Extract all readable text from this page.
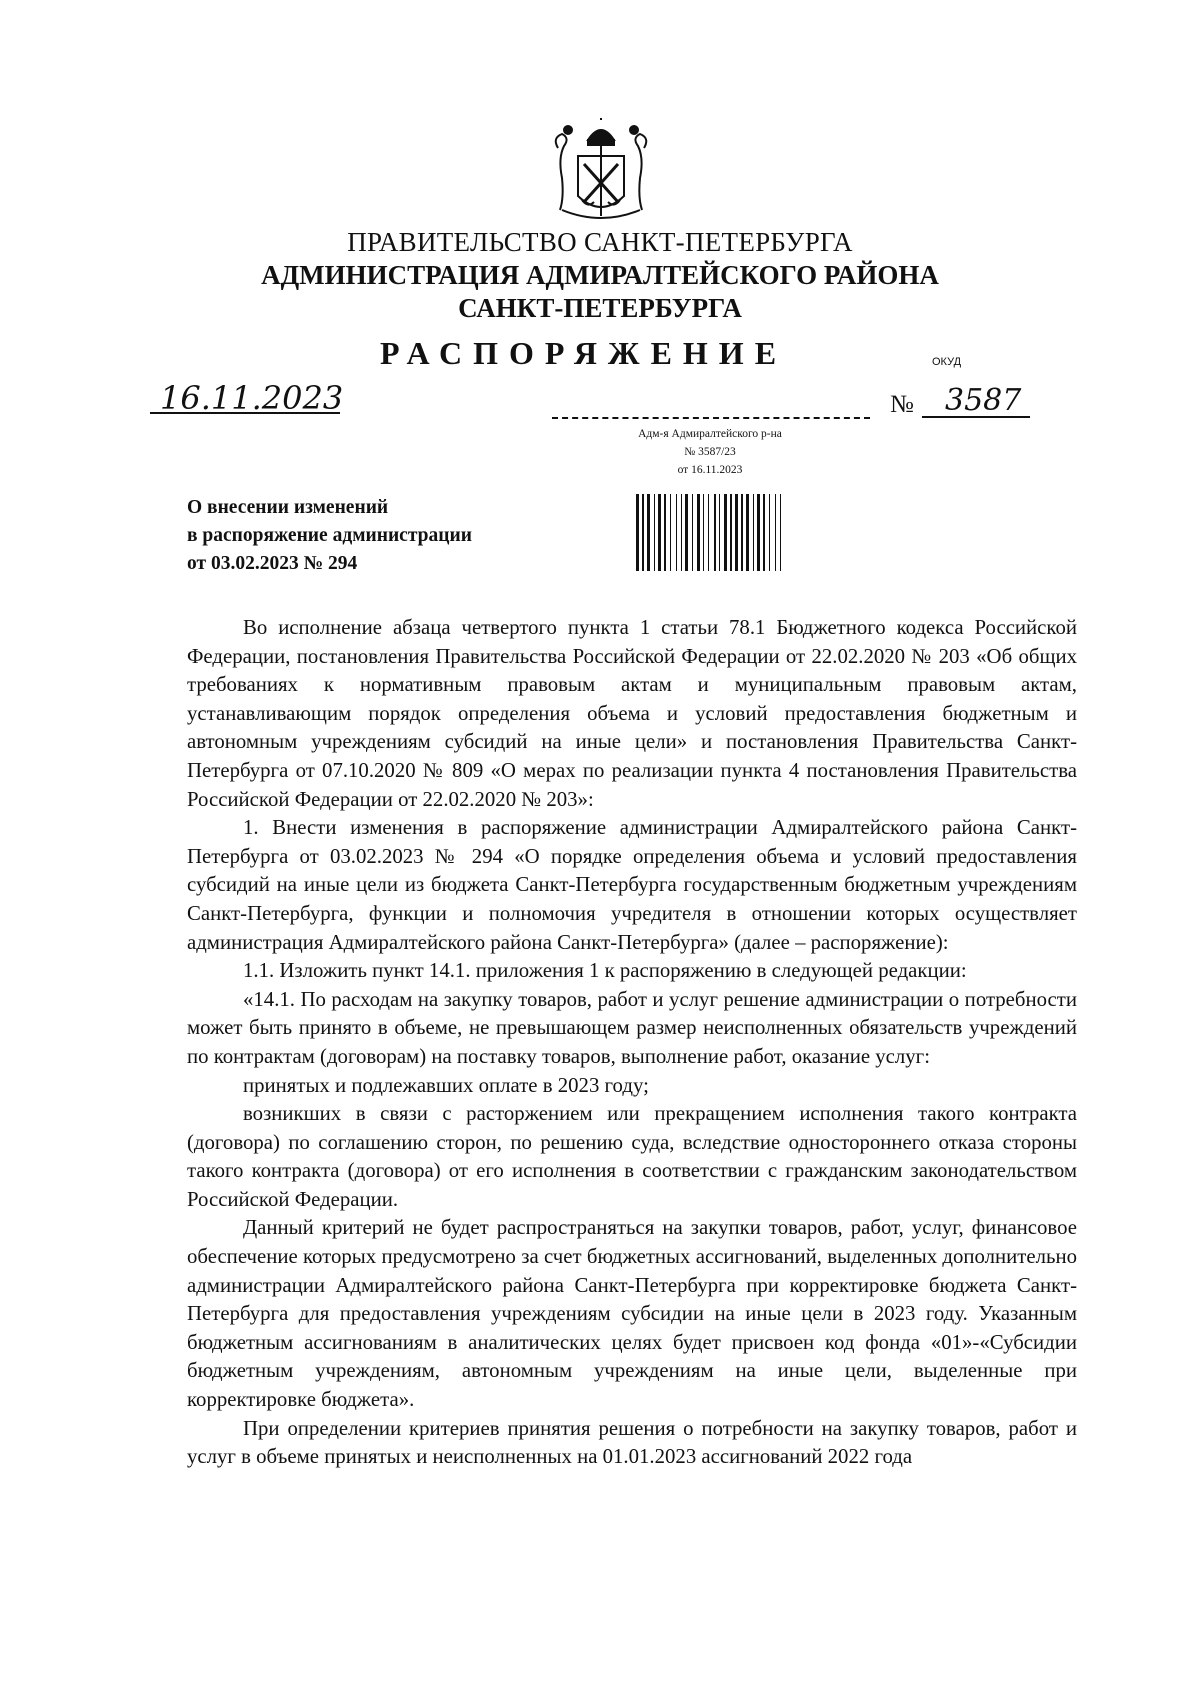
ПРАВИТЕЛЬСТВО САНКТ-ПЕТЕРБУРГА
АДМИНИСТРАЦИЯ АДМИРАЛТЕЙСКОГО РАЙОНА
САНКТ-ПЕТЕРБУРГА
РАСПОРЯЖЕНИЕ	ОКУД
16.11.2023	№ 3587
Адм-я Адмиралтейского р-на
№ 3587/23
от 16.11.2023
О внесении изменений
в распоряжение администрации
от 03.02.2023 № 294

Во исполнение абзаца четвертого пункта 1 статьи 78.1 Бюджетного кодекса Российской Федерации, постановления Правительства Российской Федерации от 22.02.2020 № 203 «Об общих требованиях к нормативным правовым актам и муниципальным правовым актам, устанавливающим порядок определения объема и условий предоставления бюджетным и автономным учреждениям субсидий на иные цели» и постановления Правительства Санкт-Петербурга от 07.10.2020 № 809 «О мерах по реализации пункта 4 постановления Правительства Российской Федерации от 22.02.2020 № 203»:

1. Внести изменения в распоряжение администрации Адмиралтейского района Санкт-Петербурга от 03.02.2023 № 294 «О порядке определения объема и условий предоставления субсидий на иные цели из бюджета Санкт-Петербурга государственным бюджетным учреждениям Санкт-Петербурга, функции и полномочия учредителя в отношении которых осуществляет администрация Адмиралтейского района Санкт-Петербурга» (далее – распоряжение):

1.1. Изложить пункт 14.1. приложения 1 к распоряжению в следующей редакции:

«14.1. По расходам на закупку товаров, работ и услуг решение администрации о потребности может быть принято в объеме, не превышающем размер неисполненных обязательств учреждений по контрактам (договорам) на поставку товаров, выполнение работ, оказание услуг:

принятых и подлежавших оплате в 2023 году;

возникших в связи с расторжением или прекращением исполнения такого контракта (договора) по соглашению сторон, по решению суда, вследствие одностороннего отказа стороны такого контракта (договора) от его исполнения в соответствии с гражданским законодательством Российской Федерации.

Данный критерий не будет распространяться на закупки товаров, работ, услуг, финансовое обеспечение которых предусмотрено за счет бюджетных ассигнований, выделенных дополнительно администрации Адмиралтейского района Санкт-Петербурга при корректировке бюджета Санкт-Петербурга для предоставления учреждениям субсидии на иные цели в 2023 году. Указанным бюджетным ассигнованиям в аналитических целях будет присвоен код фонда «01»-«Субсидии бюджетным учреждениям, автономным учреждениям на иные цели, выделенные при корректировке бюджета».

При определении критериев принятия решения о потребности на закупку товаров, работ и услуг в объеме принятых и неисполненных на 01.01.2023 ассигнований 2022 года
